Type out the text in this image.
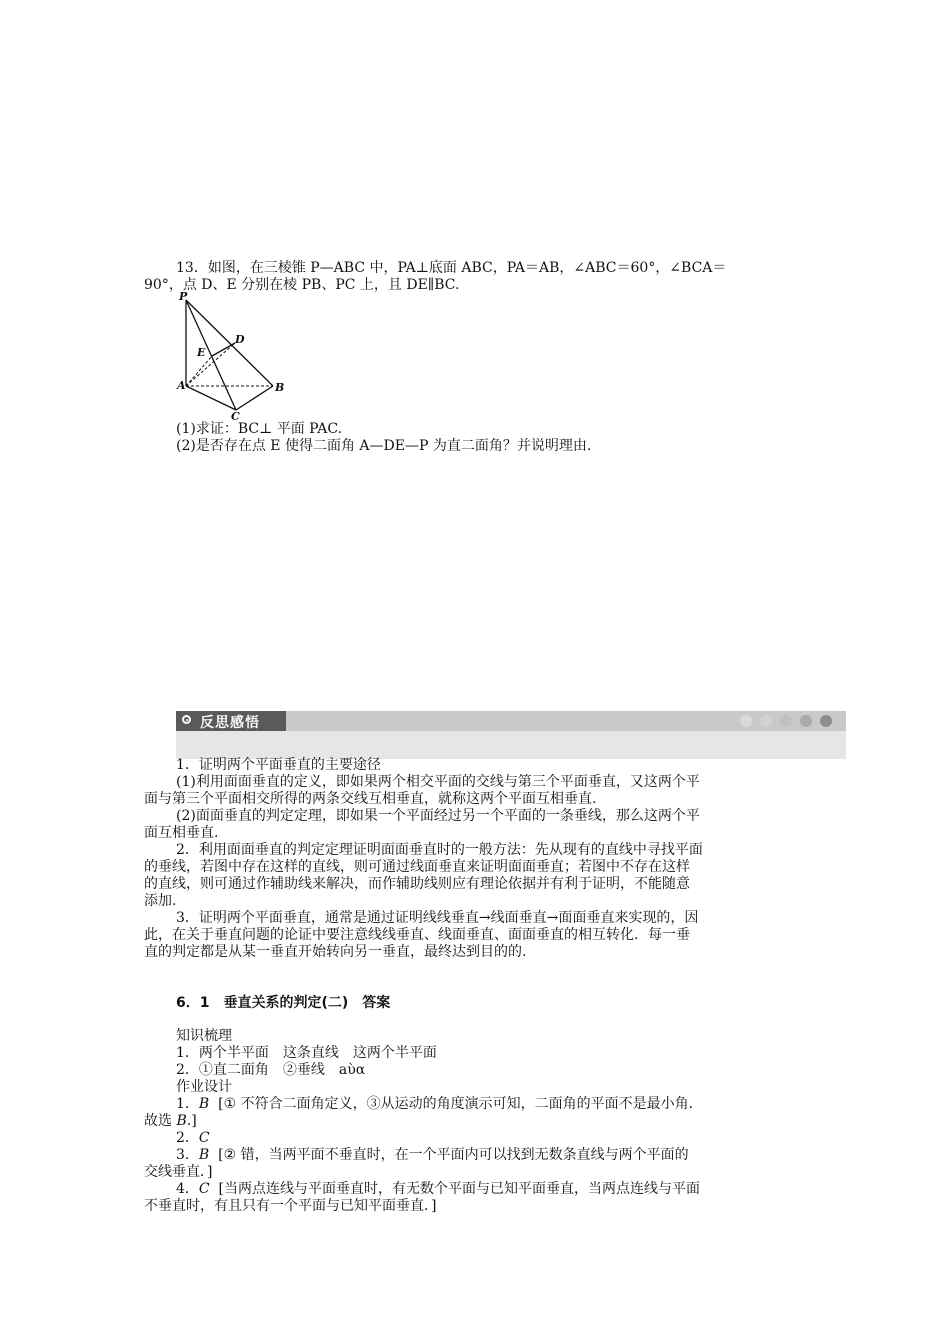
13．如图，在三棱锥 P—ABC 中，PA⊥底面 ABC，PA＝AB，∠ABC＝60°，∠BCA＝
90°，点 D、E 分别在棱 PB、PC 上，且 DE∥BC.
P
A	B
C
D
E
(1)求证：BC⊥ 平面 PAC.
(2)是否存在点 E 使得二面角 A—DE—P 为直二面角？并说明理由.
反思感悟
1．证明两个平面垂直的主要途径
(1)利用面面垂直的定义，即如果两个相交平面的交线与第三个平面垂直，又这两个平
面与第三个平面相交所得的两条交线互相垂直，就称这两个平面互相垂直.
(2)面面垂直的判定定理，即如果一个平面经过另一个平面的一条垂线，那么这两个平
面互相垂直.
2．利用面面垂直的判定定理证明面面垂直时的一般方法：先从现有的直线中寻找平面
的垂线，若图中存在这样的直线，则可通过线面垂直来证明面面垂直；若图中不存在这样
的直线，则可通过作辅助线来解决，而作辅助线则应有理论依据并有利于证明，不能随意
添加.
3．证明两个平面垂直，通常是通过证明线线垂直→线面垂直→面面垂直来实现的，因
此，在关于垂直问题的论证中要注意线线垂直、线面垂直、面面垂直的相互转化．每一垂
直的判定都是从某一垂直开始转向另一垂直，最终达到目的的.
6．1　垂直关系的判定(二)　答案
知识梳理
1．两个半平面　这条直线　这两个半平面
2．①直二面角　②垂线　aὺα
作业设计
1．B [① 不符合二面角定义，③从运动的角度演示可知，二面角的平面不是最小角．
故选 B.]
2．C
3．B [② 错，当两平面不垂直时，在一个平面内可以找到无数条直线与两个平面的
交线垂直．]
4．C [当两点连线与平面垂直时，有无数个平面与已知平面垂直，当两点连线与平面
不垂直时，有且只有一个平面与已知平面垂直．]
